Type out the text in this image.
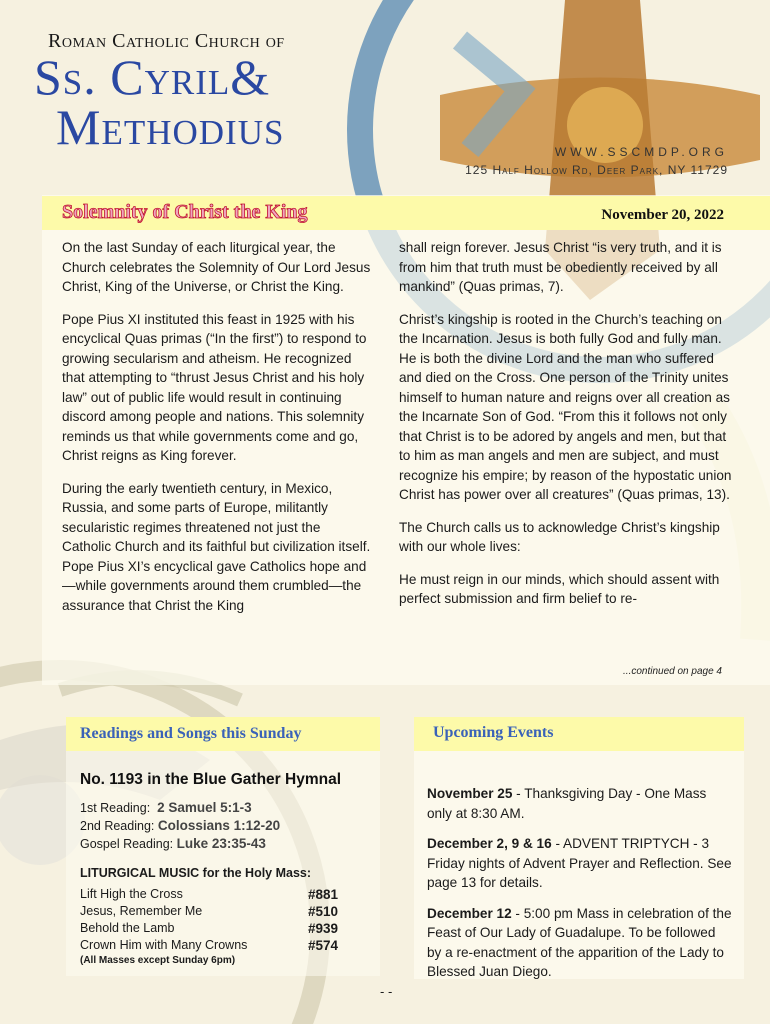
Roman Catholic Church of
Ss. Cyril&
Methodius	WWW.SSCMDP.ORG
125 Half Hollow Rd, Deer Park, NY 11729
Solemnity of Christ the King	November 20, 2022

On the last Sunday of each liturgical year, the Church celebrates the Solemnity of Our Lord Jesus Christ, King of the Universe, or Christ the King.

Pope Pius XI instituted this feast in 1925 with his encyclical Quas primas (“In the first”) to respond to growing secularism and atheism. He recognized that attempting to “thrust Jesus Christ and his holy law” out of public life would result in continuing discord among people and nations. This solemnity reminds us that while governments come and go, Christ reigns as King forever.

During the early twentieth century, in Mexico, Russia, and some parts of Europe, militantly secularistic regimes threatened not just the Catholic Church and its faithful but civilization itself. Pope Pius XI’s encyclical gave Catholics hope and—while governments around them crumbled—the assurance that Christ the King

shall reign forever. Jesus Christ “is very truth, and it is from him that truth must be obediently received by all mankind” (Quas primas, 7).

Christ’s kingship is rooted in the Church’s teaching on the Incarnation. Jesus is both fully God and fully man. He is both the divine Lord and the man who suffered and died on the Cross. One person of the Trinity unites himself to human nature and reigns over all creation as the Incarnate Son of God. “From this it follows not only that Christ is to be adored by angels and men, but that to him as man angels and men are subject, and must recognize his empire; by reason of the hypostatic union Christ has power over all creatures” (Quas primas, 13).

The Church calls us to acknowledge Christ’s kingship with our whole lives:

He must reign in our minds, which should assent with perfect submission and firm belief to re-

...continued on page 4
Readings and Songs this Sunday
No. 1193 in the Blue Gather Hymnal
1st Reading: 2 Samuel 5:1-3
2nd Reading: Colossians 1:12-20
Gospel Reading: Luke 23:35-43
LITURGICAL MUSIC for the Holy Mass:
Lift High the Cross	#881
Jesus, Remember Me	#510
Behold the Lamb	#939
Crown Him with Many Crowns	#574
(All Masses except Sunday 6pm)
Upcoming Events

November 25 - Thanksgiving Day - One Mass only at 8:30 AM.

December 2, 9 & 16 - ADVENT TRIPTYCH - 3 Friday nights of Advent Prayer and Reflection. See page 13 for details.

December 12 - 5:00 pm Mass in celebration of the Feast of Our Lady of Guadalupe. To be followed by a re-enactment of the apparition of the Lady to Blessed Juan Diego.

- -
